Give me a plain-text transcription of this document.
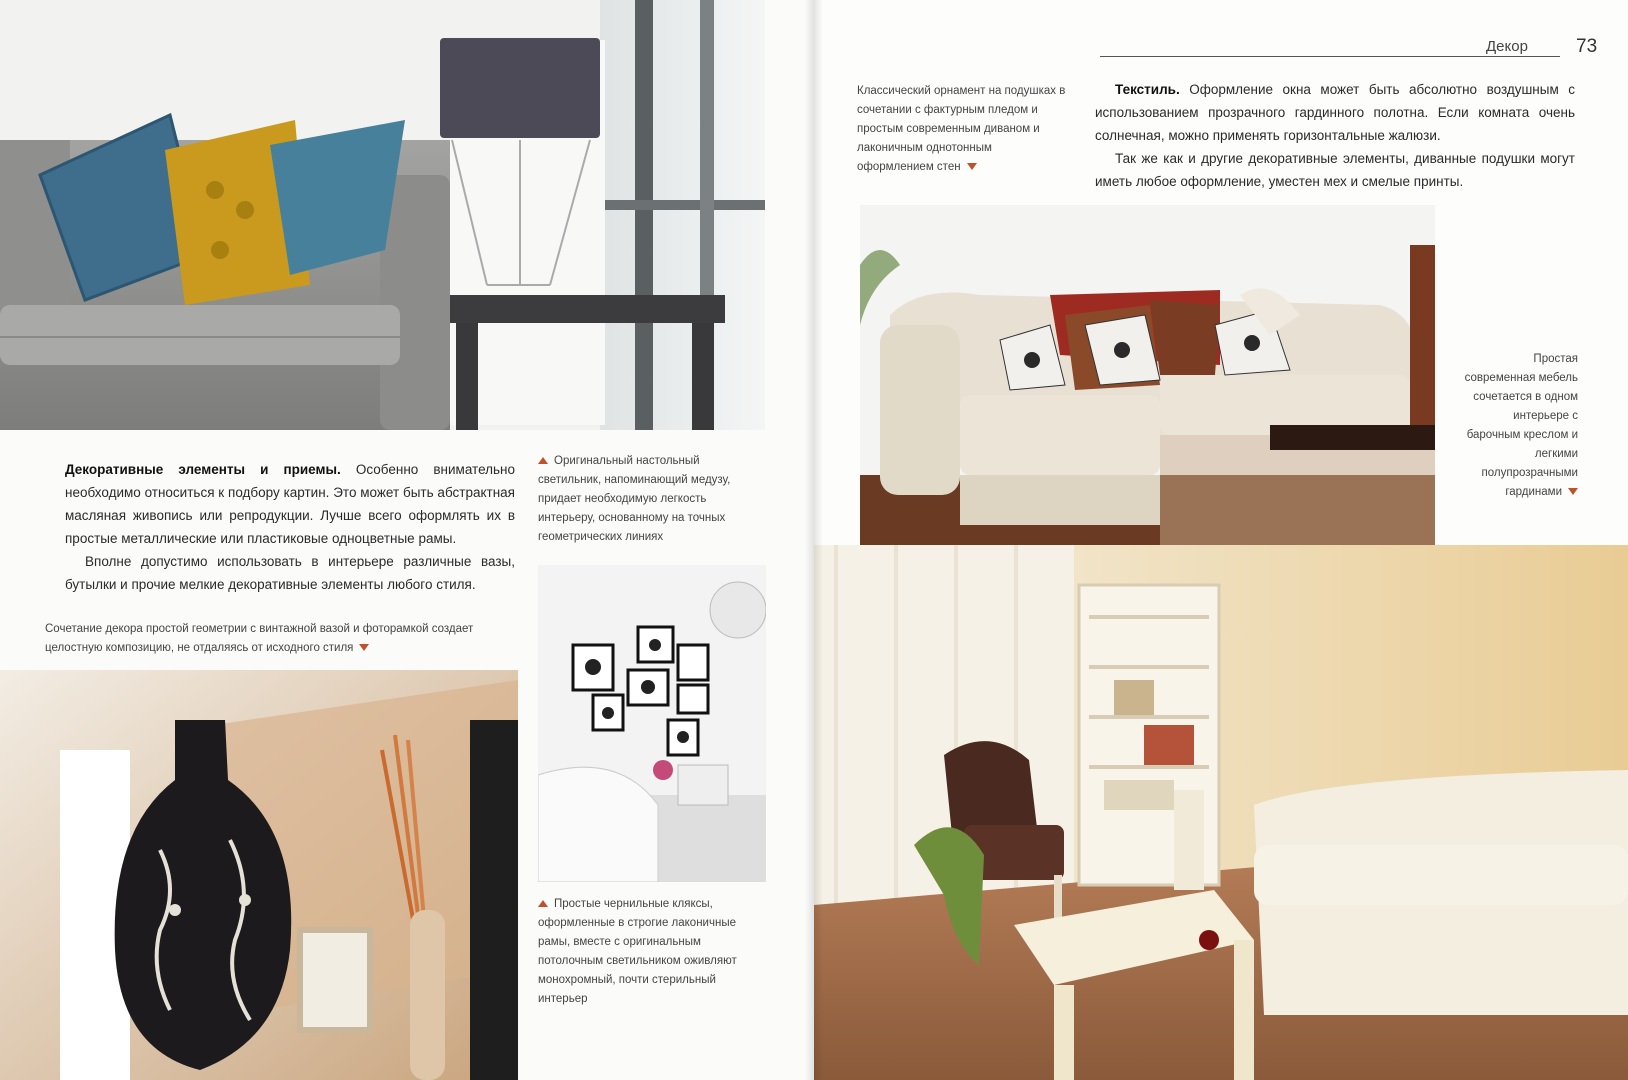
Декоративные элементы и приемы. Особенно внимательно необходимо относиться к подбору картин. Это может быть абстрактная масляная живопись или репродукции. Лучше всего оформлять их в простые металлические или пластиковые одноцветные рамы.

Вполне допустимо использовать в интерьере различные вазы, бутылки и прочие мелкие декоративные элементы любого стиля.

Оригинальный настольный светильник, напоминающий медузу, придает необходимую легкость интерьеру, основанному на точных геометрических линиях
Сочетание декора простой геометрии с винтажной вазой и фоторамкой создает целостную композицию, не отдаляясь от исходного стиля
Простые чернильные кляксы, оформленные в строгие лаконичные рамы, вместе с оригинальным потолочным светильником оживляют монохромный, почти стерильный интерьер
Декор	73
Классический орнамент на подушках в сочетании с фактурным пледом и простым современным диваном и лаконичным однотонным оформлением стен

Текстиль. Оформление окна может быть абсолютно воздушным с использованием прозрачного гардинного полотна. Если комната очень солнечная, можно применять горизонтальные жалюзи.

Так же как и другие декоративные элементы, диванные подушки могут иметь любое оформление, уместен мех и смелые принты.

Простая современная мебель сочетается в одном интерьере с барочным креслом и легкими полупрозрачными гардинами
